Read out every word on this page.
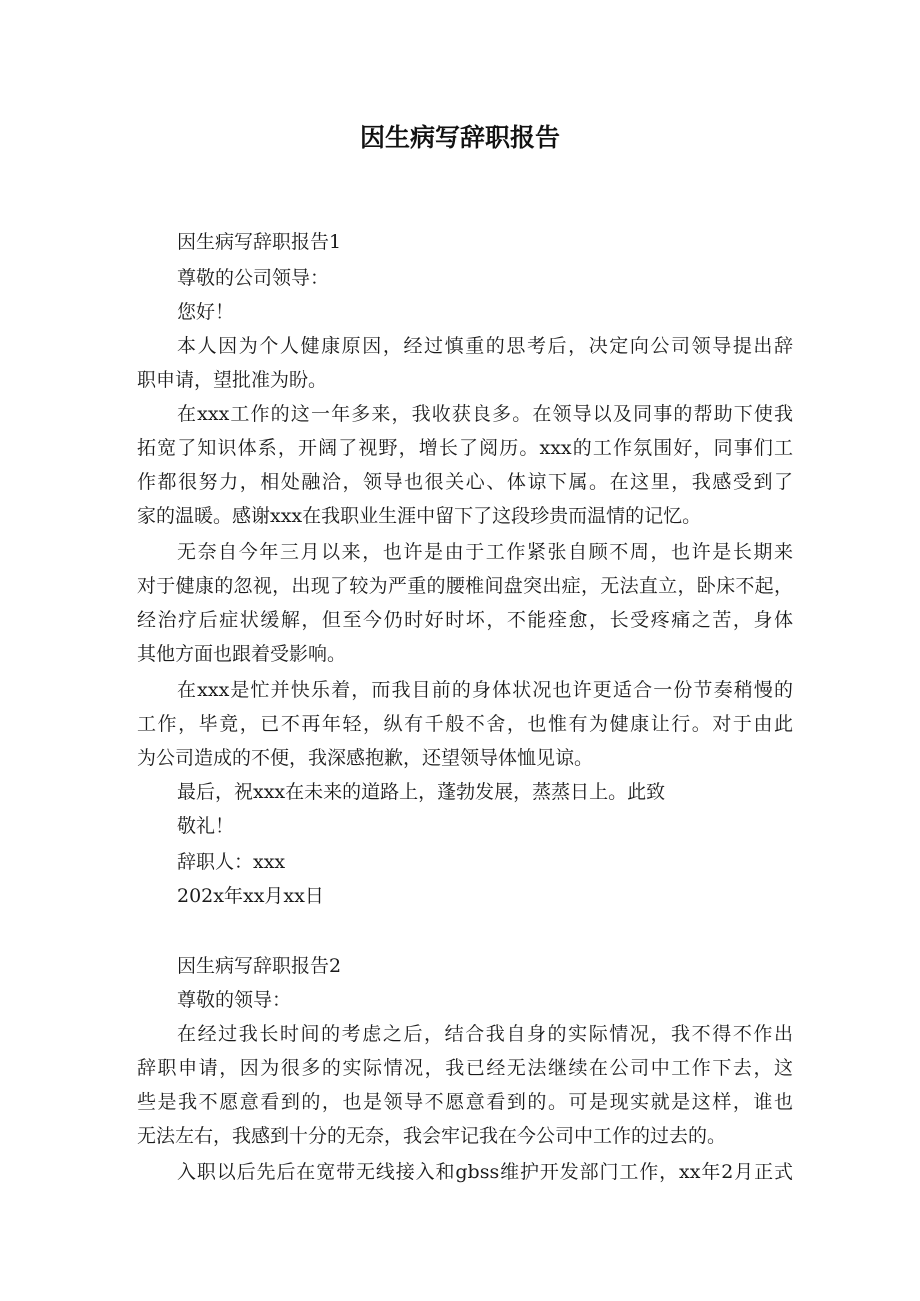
因生病写辞职报告
因生病写辞职报告1
尊敬的公司领导：
您好！
本人因为个人健康原因，经过慎重的思考后，决定向公司领导提出辞
职申请，望批准为盼。
在xxx工作的这一年多来，我收获良多。在领导以及同事的帮助下使我
拓宽了知识体系，开阔了视野，增长了阅历。xxx的工作氛围好，同事们工
作都很努力，相处融洽，领导也很关心、体谅下属。在这里，我感受到了
家的温暖。感谢xxx在我职业生涯中留下了这段珍贵而温情的记忆。
无奈自今年三月以来，也许是由于工作紧张自顾不周，也许是长期来
对于健康的忽视，出现了较为严重的腰椎间盘突出症，无法直立，卧床不起，
经治疗后症状缓解，但至今仍时好时坏，不能痊愈，长受疼痛之苦，身体
其他方面也跟着受影响。
在xxx是忙并快乐着，而我目前的身体状况也许更适合一份节奏稍慢的
工作，毕竟，已不再年轻，纵有千般不舍，也惟有为健康让行。对于由此
为公司造成的不便，我深感抱歉，还望领导体恤见谅。
最后，祝xxx在未来的道路上，蓬勃发展，蒸蒸日上。此致
敬礼！
辞职人：xxx
202x年xx月xx日
因生病写辞职报告2
尊敬的领导：
在经过我长时间的考虑之后，结合我自身的实际情况，我不得不作出
辞职申请，因为很多的实际情况，我已经无法继续在公司中工作下去，这
些是我不愿意看到的，也是领导不愿意看到的。可是现实就是这样，谁也
无法左右，我感到十分的无奈，我会牢记我在今公司中工作的过去的。
入职以后先后在宽带无线接入和gbss维护开发部门工作，xx年2月正式
